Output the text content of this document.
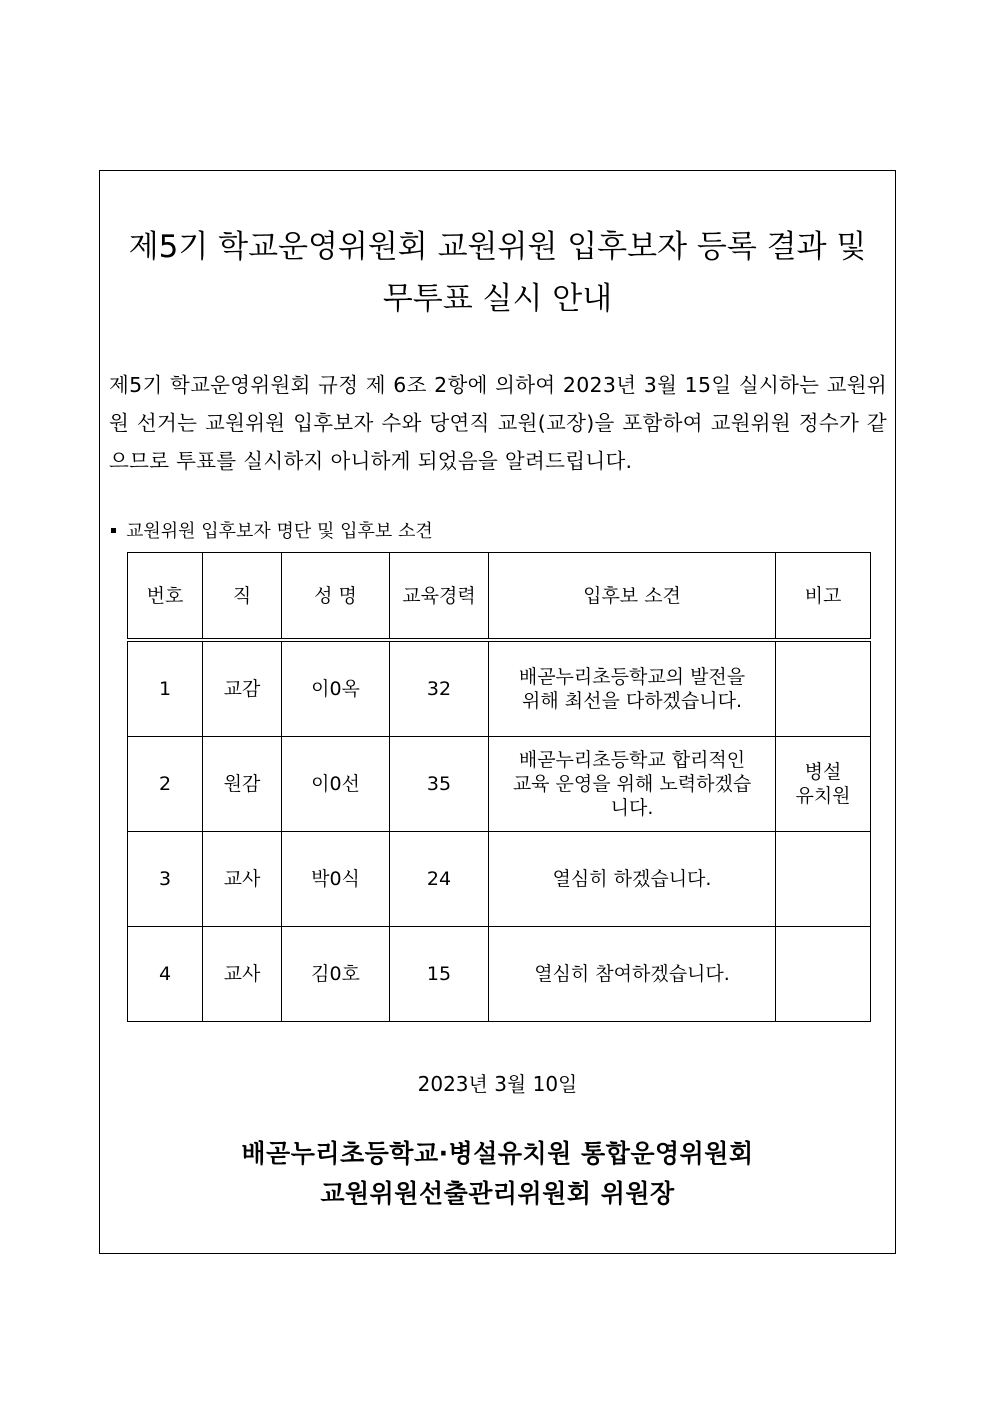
제5기 학교운영위원회 교원위원 입후보자 등록 결과 및
무투표 실시 안내
제5기 학교운영위원회 규정 제 6조 2항에 의하여 2023년 3월 15일 실시하는 교원위원 선거는 교원위원 입후보자 수와 당연직 교원(교장)을 포함하여 교원위원 정수가 같으므로 투표를 실시하지 아니하게 되었음을 알려드립니다.
교원위원 입후보자 명단 및 입후보 소견
번호	직	성 명	교육경력	입후보 소견	비고
1	교감	이0옥	32	배곧누리초등학교의 발전을 위해 최선을 다하겠습니다.	
2	원감	이0선	35	배곧누리초등학교 합리적인 교육 운영을 위해 노력하겠습니다.	병설 유치원
3	교사	박0식	24	열심히 하겠습니다.	
4	교사	김0호	15	열심히 참여하겠습니다.	
2023년 3월 10일
배곧누리초등학교·병설유치원 통합운영위원회
교원위원선출관리위원회 위원장
